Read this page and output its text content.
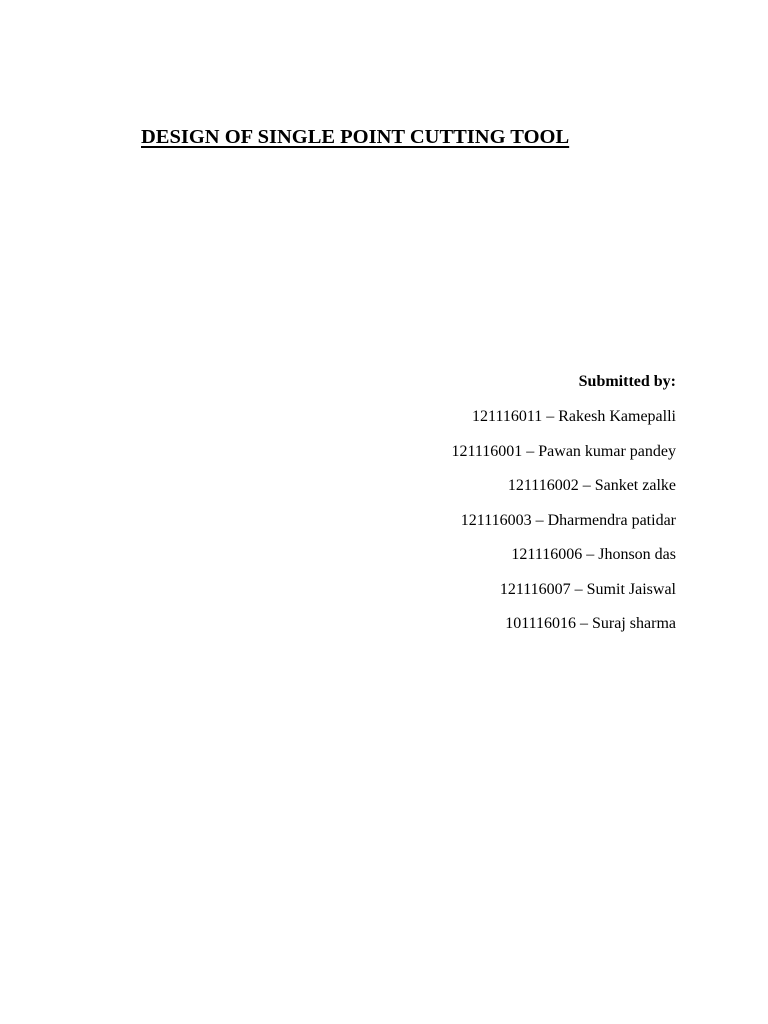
DESIGN OF SINGLE POINT CUTTING TOOL
Submitted by:
121116011 – Rakesh Kamepalli
121116001 – Pawan kumar pandey
121116002 – Sanket zalke
121116003 – Dharmendra patidar
121116006 – Jhonson das
121116007 – Sumit Jaiswal
101116016 – Suraj sharma
